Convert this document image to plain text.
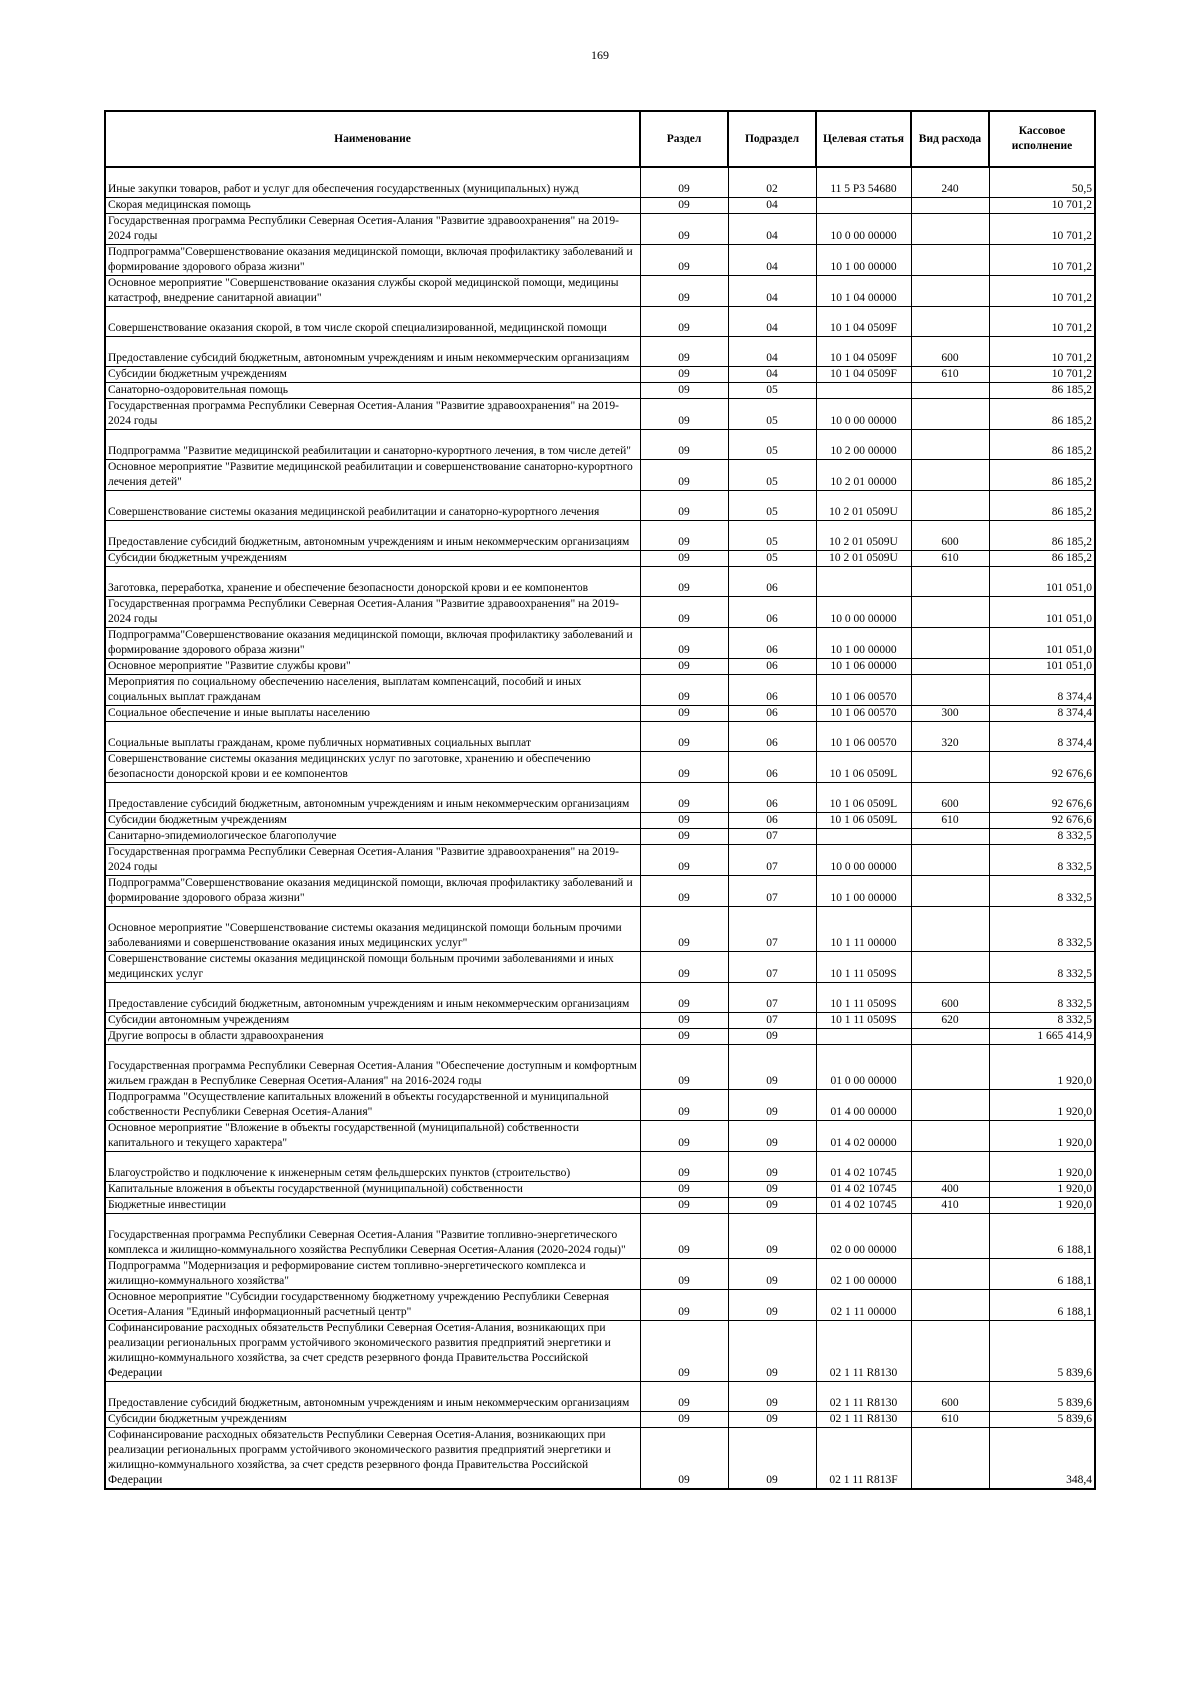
169
Наименование	Раздел	Подраздел	Целевая статья	Вид расхода	Кассовое исполнение
Иные закупки товаров, работ и услуг для обеспечения государственных (муниципальных) нужд	09	02	11 5 P3 54680	240	50,5
Скорая медицинская помощь	09	04			10 701,2
Государственная программа Республики Северная Осетия-Алания "Развитие здравоохранения" на 2019-2024 годы	09	04	10 0 00 00000		10 701,2
Подпрограмма"Совершенствование оказания медицинской помощи, включая профилактику заболеваний и формирование здорового образа жизни"	09	04	10 1 00 00000		10 701,2
Основное мероприятие "Совершенствование оказания службы скорой медицинской помощи, медицины катастроф, внедрение санитарной авиации"	09	04	10 1 04 00000		10 701,2
Совершенствование оказания скорой, в том числе скорой специализированной, медицинской помощи	09	04	10 1 04 0509F		10 701,2
Предоставление субсидий бюджетным, автономным учреждениям и иным некоммерческим организациям	09	04	10 1 04 0509F	600	10 701,2
Субсидии бюджетным учреждениям	09	04	10 1 04 0509F	610	10 701,2
Санаторно-оздоровительная помощь	09	05			86 185,2
Государственная программа Республики Северная Осетия-Алания "Развитие здравоохранения" на 2019-2024 годы	09	05	10 0 00 00000		86 185,2
Подпрограмма "Развитие медицинской реабилитации и санаторно-курортного лечения, в том числе детей"	09	05	10 2 00 00000		86 185,2
Основное мероприятие "Развитие медицинской реабилитации и совершенствование санаторно-курортного лечения детей"	09	05	10 2 01 00000		86 185,2
Совершенствование системы оказания медицинской реабилитации и санаторно-курортного лечения	09	05	10 2 01 0509U		86 185,2
Предоставление субсидий бюджетным, автономным учреждениям и иным некоммерческим организациям	09	05	10 2 01 0509U	600	86 185,2
Субсидии бюджетным учреждениям	09	05	10 2 01 0509U	610	86 185,2
Заготовка, переработка, хранение и обеспечение безопасности донорской крови и ее компонентов	09	06			101 051,0
Государственная программа Республики Северная Осетия-Алания "Развитие здравоохранения" на 2019-2024 годы	09	06	10 0 00 00000		101 051,0
Подпрограмма"Совершенствование оказания медицинской помощи, включая профилактику заболеваний и формирование здорового образа жизни"	09	06	10 1 00 00000		101 051,0
Основное мероприятие "Развитие службы крови"	09	06	10 1 06 00000		101 051,0
Мероприятия по социальному обеспечению населения, выплатам компенсаций, пособий и иных социальных выплат гражданам	09	06	10 1 06 00570		8 374,4
Социальное обеспечение и иные выплаты населению	09	06	10 1 06 00570	300	8 374,4
Социальные выплаты гражданам, кроме публичных нормативных социальных выплат	09	06	10 1 06 00570	320	8 374,4
Совершенствование системы оказания медицинских услуг по заготовке, хранению и обеспечению безопасности донорской крови и ее компонентов	09	06	10 1 06 0509L		92 676,6
Предоставление субсидий бюджетным, автономным учреждениям и иным некоммерческим организациям	09	06	10 1 06 0509L	600	92 676,6
Субсидии бюджетным учреждениям	09	06	10 1 06 0509L	610	92 676,6
Санитарно-эпидемиологическое благополучие	09	07			8 332,5
Государственная программа Республики Северная Осетия-Алания "Развитие здравоохранения" на 2019-2024 годы	09	07	10 0 00 00000		8 332,5
Подпрограмма"Совершенствование оказания медицинской помощи, включая профилактику заболеваний и формирование здорового образа жизни"	09	07	10 1 00 00000		8 332,5
Основное мероприятие "Совершенствование системы оказания медицинской помощи больным прочими заболеваниями и совершенствование оказания иных медицинских услуг"	09	07	10 1 11 00000		8 332,5
Совершенствование системы оказания медицинской помощи больным прочими заболеваниями и иных медицинских услуг	09	07	10 1 11 0509S		8 332,5
Предоставление субсидий бюджетным, автономным учреждениям и иным некоммерческим организациям	09	07	10 1 11 0509S	600	8 332,5
Субсидии автономным учреждениям	09	07	10 1 11 0509S	620	8 332,5
Другие вопросы в области здравоохранения	09	09			1 665 414,9
Государственная программа Республики Северная Осетия-Алания "Обеспечение доступным и комфортным жильем граждан в Республике Северная Осетия-Алания" на 2016-2024 годы	09	09	01 0 00 00000		1 920,0
Подпрограмма "Осуществление капитальных вложений в объекты государственной и муниципальной собственности Республики Северная Осетия-Алания"	09	09	01 4 00 00000		1 920,0
Основное мероприятие "Вложение в объекты государственной (муниципальной) собственности капитального и текущего характера"	09	09	01 4 02 00000		1 920,0
Благоустройство и подключение к инженерным сетям фельдшерских пунктов (строительство)	09	09	01 4 02 10745		1 920,0
Капитальные вложения в объекты государственной (муниципальной) собственности	09	09	01 4 02 10745	400	1 920,0
Бюджетные инвестиции	09	09	01 4 02 10745	410	1 920,0
Государственная программа Республики Северная Осетия-Алания "Развитие топливно-энергетического комплекса и жилищно-коммунального хозяйства Республики Северная Осетия-Алания (2020-2024 годы)"	09	09	02 0 00 00000		6 188,1
Подпрограмма "Модернизация и реформирование систем топливно-энергетического комплекса и жилищно-коммунального хозяйства"	09	09	02 1 00 00000		6 188,1
Основное мероприятие "Субсидии государственному бюджетному учреждению Республики Северная Осетия-Алания "Единый информационный расчетный центр"	09	09	02 1 11 00000		6 188,1
Софинансирование расходных обязательств Республики Северная Осетия-Алания, возникающих при реализации региональных программ устойчивого экономического развития предприятий энергетики и жилищно-коммунального хозяйства, за счет средств резервного фонда Правительства Российской Федерации	09	09	02 1 11 R8130		5 839,6
Предоставление субсидий бюджетным, автономным учреждениям и иным некоммерческим организациям	09	09	02 1 11 R8130	600	5 839,6
Субсидии бюджетным учреждениям	09	09	02 1 11 R8130	610	5 839,6
Софинансирование расходных обязательств Республики Северная Осетия-Алания, возникающих при реализации региональных программ устойчивого экономического развития предприятий энергетики и жилищно-коммунального хозяйства, за счет средств резервного фонда Правительства Российской Федерации	09	09	02 1 11 R813F		348,4
